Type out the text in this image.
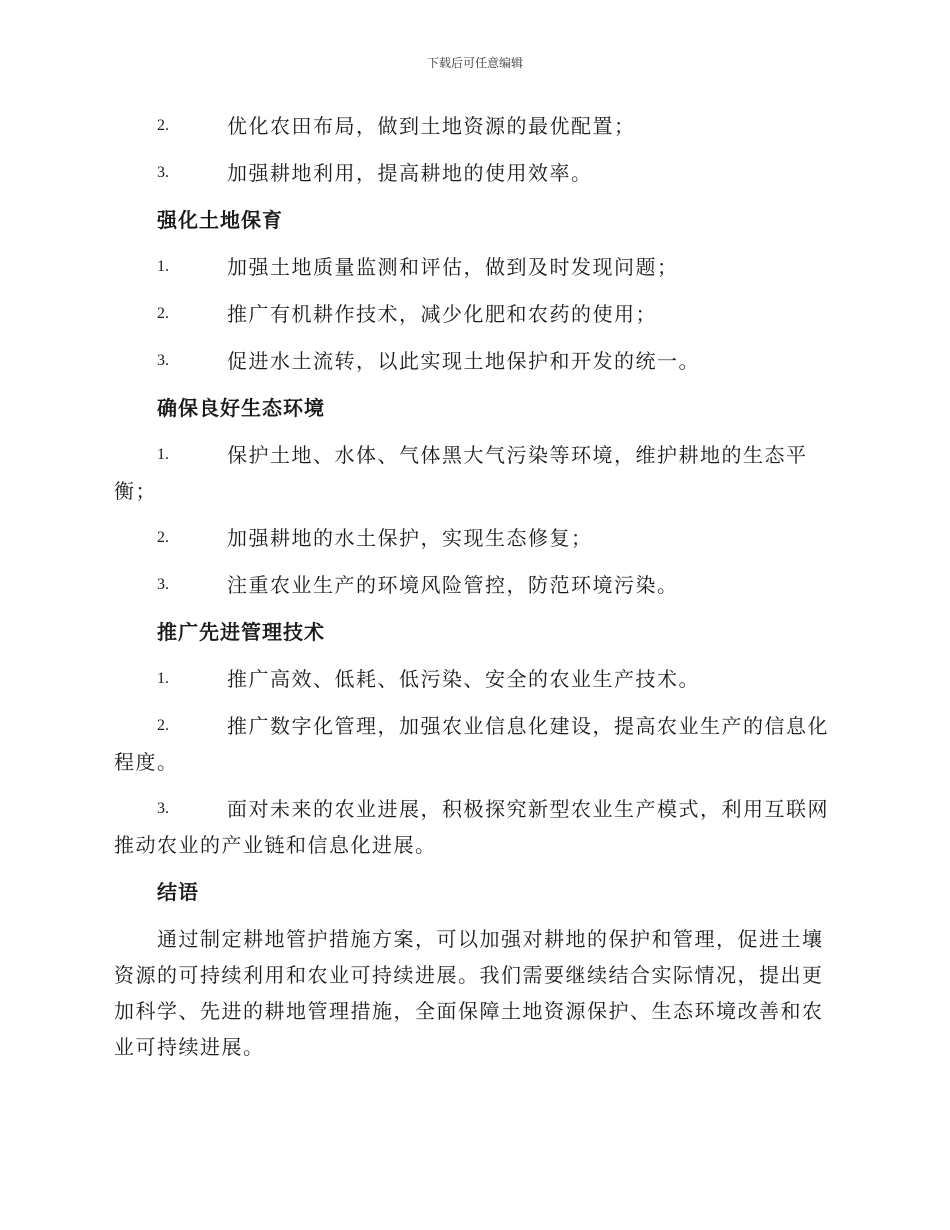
下载后可任意编辑
2.	优化农田布局，做到土地资源的最优配置；
3.	加强耕地利用，提高耕地的使用效率。
强化土地保育
1.	加强土地质量监测和评估，做到及时发现问题；
2.	推广有机耕作技术，减少化肥和农药的使用；
3.	促进水土流转，以此实现土地保护和开发的统一。
确保良好生态环境
1.	保护土地、水体、气体黑大气污染等环境，维护耕地的生态平衡；
2.	加强耕地的水土保护，实现生态修复；
3.	注重农业生产的环境风险管控，防范环境污染。
推广先进管理技术
1.	推广高效、低耗、低污染、安全的农业生产技术。
2.	推广数字化管理，加强农业信息化建设，提高农业生产的信息化程度。
3.	面对未来的农业进展，积极探究新型农业生产模式，利用互联网推动农业的产业链和信息化进展。
结语
通过制定耕地管护措施方案，可以加强对耕地的保护和管理，促进土壤资源的可持续利用和农业可持续进展。我们需要继续结合实际情况，提出更加科学、先进的耕地管理措施，全面保障土地资源保护、生态环境改善和农业可持续进展。
